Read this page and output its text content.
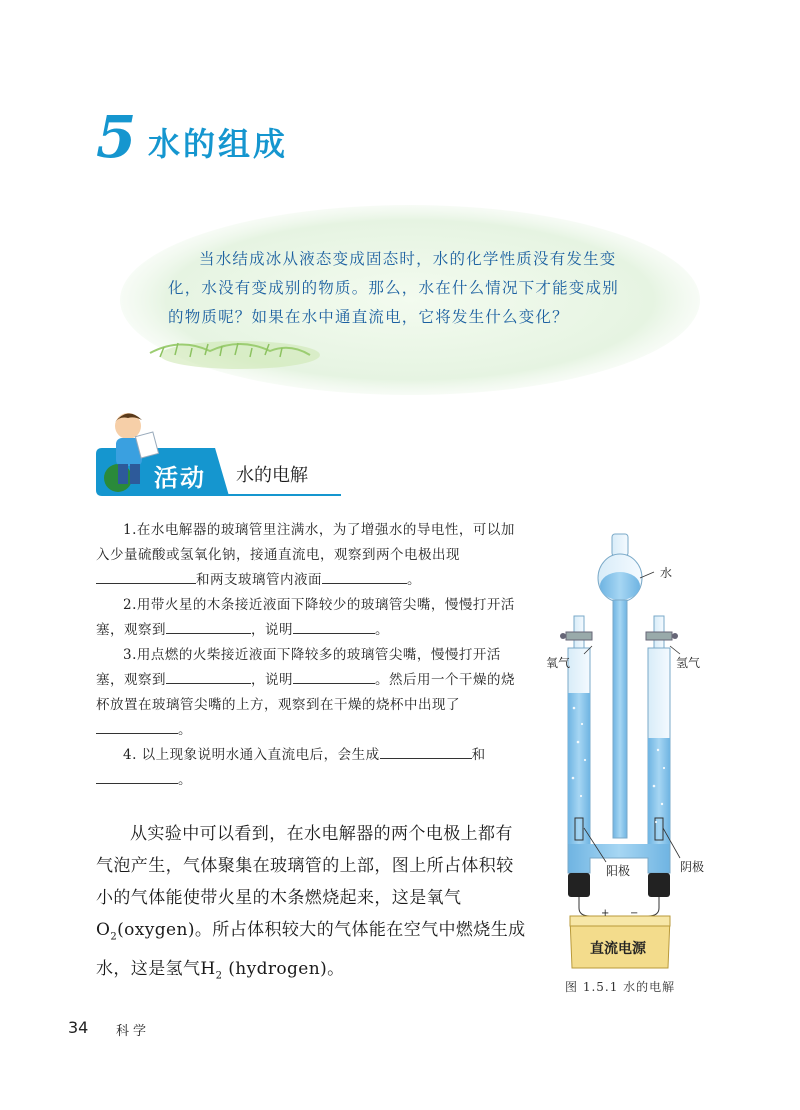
5 水的组成
当水结成冰从液态变成固态时，水的化学性质没有发生变化，水没有变成别的物质。那么，水在什么情况下才能变成别的物质呢？如果在水中通直流电，它将发生什么变化？
活动 水的电解

1.在水电解器的玻璃管里注满水，为了增强水的导电性，可以加入少量硫酸或氢氧化钠，接通直流电，观察到两个电极出现
和两支玻璃管内液面	。

2.用带火星的木条接近液面下降较少的玻璃管尖嘴，慢慢打开活塞，观察到	，说明	。

3.用点燃的火柴接近液面下降较多的玻璃管尖嘴，慢慢打开活塞，观察到	，说明	。然后用一个干燥的烧杯放置在玻璃管尖嘴的上方，观察到在干燥的烧杯中出现了
。

4. 以上现象说明水通入直流电后，会生成	和
。

从实验中可以看到，在水电解器的两个电极上都有气泡产生，气体聚集在玻璃管的上部，图上所占体积较小的气体能使带火星的木条燃烧起来，这是氧气$O_2(oxygen)$。所占体积较大的气体能在空气中燃烧生成水，这是氢气$H_2$ (hydrogen)。

水
氧气	氢气
阳极	阴极
+ −
直流电源
图 1.5.1 水的电解
34 科学
